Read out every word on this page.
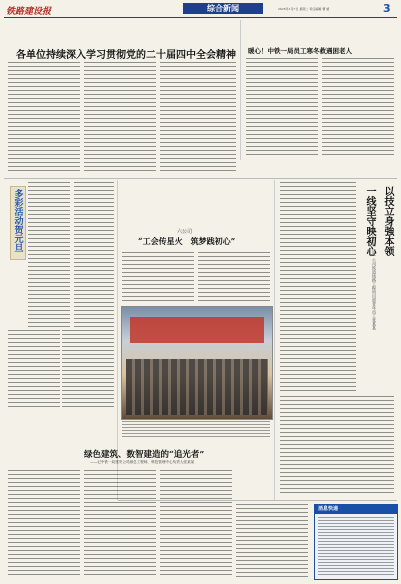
铁路建设报	综合新闻	2025年1月7日 星期二 责任编辑 曹 媛	3
各单位持续深入学习贯彻党的二十届四中全会精神 暖心！中铁一局员工寒冬救遇困老人
多彩活动贺元旦	六公司
“工会传星火　筑梦践初心”	以技立身強本领
——记中铁二局一公司铁道线路工程项目部青年员工张某某
一线坚守映初心
绿色建筑、数智建造的“追光者”
——记中铁一局建安公司副总工程师、科技管理中心负责人张某某
消息快递
